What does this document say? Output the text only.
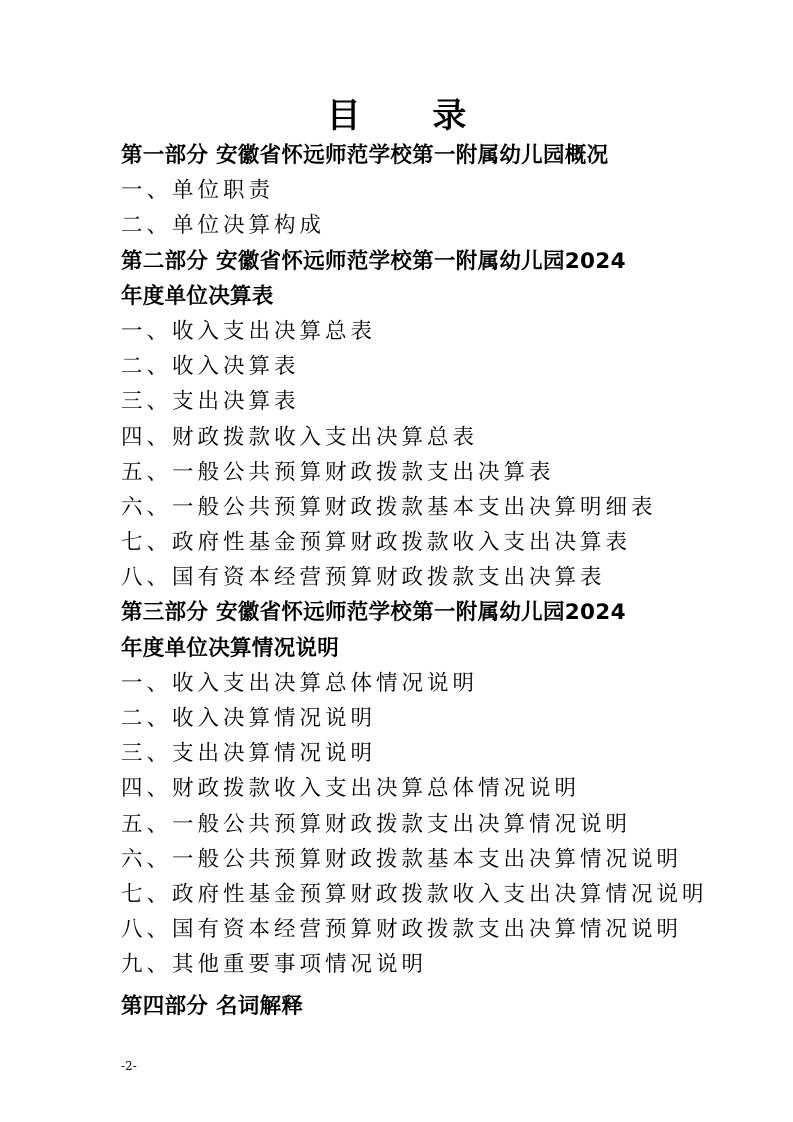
目 录
第一部分 安徽省怀远师范学校第一附属幼儿园概况
一、单位职责
二、单位决算构成
第二部分 安徽省怀远师范学校第一附属幼儿园2024
年度单位决算表
一、收入支出决算总表
二、收入决算表
三、支出决算表
四、财政拨款收入支出决算总表
五、一般公共预算财政拨款支出决算表
六、一般公共预算财政拨款基本支出决算明细表
七、政府性基金预算财政拨款收入支出决算表
八、国有资本经营预算财政拨款支出决算表
第三部分 安徽省怀远师范学校第一附属幼儿园2024
年度单位决算情况说明
一、收入支出决算总体情况说明
二、收入决算情况说明
三、支出决算情况说明
四、财政拨款收入支出决算总体情况说明
五、一般公共预算财政拨款支出决算情况说明
六、一般公共预算财政拨款基本支出决算情况说明
七、政府性基金预算财政拨款收入支出决算情况说明
八、国有资本经营预算财政拨款支出决算情况说明
九、其他重要事项情况说明
第四部分 名词解释
-2-
